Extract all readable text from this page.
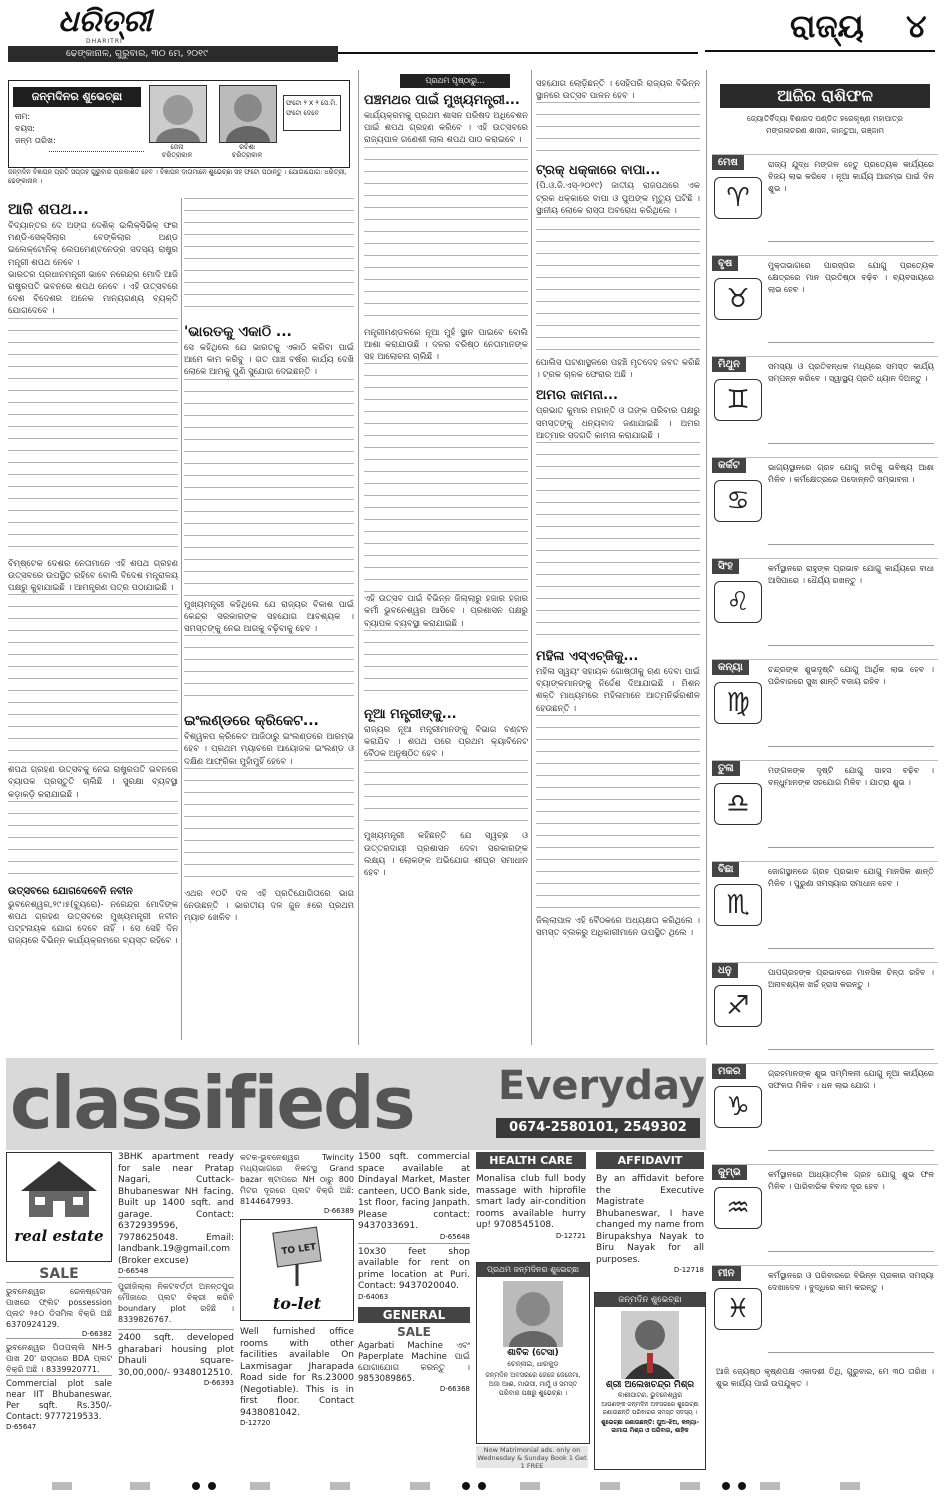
ଧରିତ୍ରୀ
DHARITRI
ଢେଙ୍କାନାଳ, ଗୁରୁବାର, ୩୦ ମେ, ୨୦୧୯
ରାଜ୍ୟ ୪
ଜନ୍ମଦିନର ଶୁଭେଚ୍ଛା
ନାମ:
ବୟସ:
ଜନ୍ମ ତାରିଖ:
ଜେନା
ଚରିତ୍ରାକାଳ
ରଚିଶା
ଚରିତ୍ରାକାଳ
ଫଟୋ ୨ X ୨ ସେ.ମି. ଫଟୋ ଦେବେ
ଜନ୍ମଦିନ ବିଜ୍ଞାପନ ପ୍ରତି ସପ୍ତାହ ଗୁରୁବାର ପ୍ରକାଶିତ ହେବ । ବିଜ୍ଞାପନ ଦାତାମାନେ ଶୁଭେଚ୍ଛା ସହ ଫଟୋ ପଠାନ୍ତୁ । ଯୋଗାଯୋଗ: ଧରିତ୍ରୀ, ଢେଙ୍କାନାଳ ।
ଆଜି ଶପଥ...

ବିଦ୍ୟାନ୍ତର ଦେ ଅଙ୍ଗ ଦେଶିକ୍ ଇଲିକ୍ସିଭିକ୍ ଫର ମଣ୍ଡି-ସେକ୍ସିଲାର ବେଙ୍କିଲାର ଅଣ୍ଡ ଇଲେକ୍ଟୋନିକ୍ ଲେପମେଣ୍ଟନେଡ୍ର ସଦସ୍ୟ ରାଷ୍ଟ୍ର ମନ୍ତ୍ରୀ ଶପଥ ନେବେ ।

ଭାରତର ପ୍ରଧାନମନ୍ତ୍ରୀ ଭାବେ ନରେନ୍ଦ୍ର ମୋଦି ଆଜି ରାଷ୍ଟ୍ରପତି ଭବନରେ ଶପଥ ନେବେ । ଏହି ଉତ୍ସବରେ ଦେଶ ବିଦେଶର ଅନେକ ମାନ୍ୟଗଣ୍ୟ ବ୍ୟକ୍ତି ଯୋଗଦେବେ ।

ବିମ୍ଷ୍ଟେକ ଦେଶର ନେତାମାନେ ଏହି ଶପଥ ଗ୍ରହଣ ଉତ୍ସବରେ ଉପସ୍ଥିତ ରହିବେ ବୋଲି ବିଦେଶ ମନ୍ତ୍ରାଳୟ ପକ୍ଷରୁ କୁହାଯାଇଛି । ଆମନ୍ତ୍ରଣ ପତ୍ର ପଠାଯାଇଛି ।

ଶପଥ ଗ୍ରହଣ ଉତ୍ସବକୁ ନେଇ ରାଷ୍ଟ୍ରପତି ଭବନରେ ବ୍ୟାପକ ପ୍ରସ୍ତୁତି ଚାଲିଛି । ସୁରକ୍ଷା ବ୍ୟବସ୍ଥା କଡ଼ାକଡ଼ି କରାଯାଇଛି ।

ଉତ୍ସବରେ ଯୋଗଦେବେନି ନବୀନ

ଭୁବନେଶ୍ୱର,୨୯।୫(ବ୍ୟୁରୋ)- ନରେନ୍ଦ୍ର ମୋଦିଙ୍କ ଶପଥ ଗ୍ରହଣ ଉତ୍ସବରେ ମୁଖ୍ୟମନ୍ତ୍ରୀ ନବୀନ ପଟ୍ଟନାୟକ ଯୋଗ ଦେବେ ନାହିଁ । ସେ ସେହି ଦିନ ରାଜ୍ୟରେ ବିଭିନ୍ନ କାର୍ଯ୍ୟକ୍ରମରେ ବ୍ୟସ୍ତ ରହିବେ ।

'ଭାରତକୁ ଏକାଠି ...

ସେ କହିଥିଲେ ଯେ ଭାରତକୁ ଏକାଠି କରିବା ପାଇଁ ଆମେ କାମ କରିବୁ । ଗତ ପାଞ୍ଚ ବର୍ଷର କାର୍ଯ୍ୟ ଦେଖି ଲୋକେ ଆମକୁ ପୁଣି ସୁଯୋଗ ଦେଇଛନ୍ତି ।

ମୁଖ୍ୟମନ୍ତ୍ରୀ କହିଥିଲେ ଯେ ରାଜ୍ୟର ବିକାଶ ପାଇଁ କେନ୍ଦ୍ର ସରକାରଙ୍କ ସହଯୋଗ ଆବଶ୍ୟକ । ସମସ୍ତଙ୍କୁ ନେଇ ଆଗକୁ ବଢ଼ିବାକୁ ହେବ ।

ଇଂଲଣ୍ଡରେ କ୍ରିକେଟ...

ବିଶ୍ୱକପ କ୍ରିକେଟ ଆଜିଠାରୁ ଇଂଲଣ୍ଡରେ ଆରମ୍ଭ ହେବ । ପ୍ରଥମ ମ୍ୟାଚରେ ଆୟୋଜକ ଇଂଲଣ୍ଡ ଓ ଦକ୍ଷିଣ ଆଫ୍ରିକା ମୁହାଁମୁହିଁ ହେବେ ।

ଏଥର ୧୦ଟି ଦଳ ଏହି ପ୍ରତିଯୋଗିତାରେ ଭାଗ ନେଉଛନ୍ତି । ଭାରତୀୟ ଦଳ ଜୁନ ୫ରେ ପ୍ରଥମ ମ୍ୟାଚ ଖେଳିବ ।

ପ୍ରଥମ ପୃଷ୍ଠାରୁ...
ପଞ୍ଚମଥର ପାଇଁ ମୁଖ୍ୟମନ୍ତ୍ରୀ...

କାର୍ଯ୍ୟକ୍ରମକୁ ପ୍ରଥମ ଶାସନ ପରିଷଦ ଅଧିବେଶନ ପାଇଁ ଶପଥ ଗ୍ରହଣ କରିବେ । ଏହି ଉତ୍ସବରେ ରାଜ୍ୟପାଳ ଗଣେଶୀ ଲାଲ ଶପଥ ପାଠ କରାଇବେ ।

ମନ୍ତ୍ରୀମଣ୍ଡଳରେ ନୂଆ ମୁହଁ ସ୍ଥାନ ପାଇବେ ବୋଲି ଆଶା କରାଯାଉଛି । ଦଳର ବରିଷ୍ଠ ନେତାମାନଙ୍କ ସହ ଆଲୋଚନା ଚାଲିଛି ।

ଏହି ଉତ୍ସବ ପାଇଁ ବିଭିନ୍ନ ଜିଲ୍ଲାରୁ ହଜାର ହଜାର କର୍ମୀ ଭୁବନେଶ୍ୱର ଆସିବେ । ପ୍ରଶାସନ ପକ୍ଷରୁ ବ୍ୟାପକ ବ୍ୟବସ୍ଥା କରାଯାଇଛି ।

ନୂଆ ମନ୍ତ୍ରୀଙ୍କୁ...

ରାଜ୍ୟର ନୂଆ ମନ୍ତ୍ରୀମାନଙ୍କୁ ବିଭାଗ ବଣ୍ଟନ କରାଯିବ । ଶପଥ ପରେ ପ୍ରଥମ କ୍ୟାବିନେଟ ବୈଠକ ଅନୁଷ୍ଠିତ ହେବ ।

ମୁଖ୍ୟମନ୍ତ୍ରୀ କହିଛନ୍ତି ଯେ ସ୍ୱଚ୍ଛ ଓ ଉତ୍ତରଦାୟୀ ପ୍ରଶାସନ ଦେବା ସରକାରଙ୍କ ଲକ୍ଷ୍ୟ । ଲୋକଙ୍କ ଅଭିଯୋଗ ଶୀଘ୍ର ସମାଧାନ ହେବ ।

ସହଯୋଗ ଲୋଡ଼ିଛନ୍ତି । ସେହିପରି ରାଜ୍ୟର ବିଭିନ୍ନ ସ୍ଥାନରେ ଉତ୍ସବ ପାଳନ ହେବ ।

ଟ୍ରକ୍ ଧକ୍କାରେ ବାପା...

(ପି.ଓ.ଜି.ଏସ୍-୨୦୧୯) ଜାତୀୟ ରାଜପଥରେ ଏକ ଟ୍ରକ ଧକ୍କାରେ ବାପା ଓ ପୁଅଙ୍କ ମୃତ୍ୟୁ ଘଟିଛି । ସ୍ଥାନୀୟ ଲୋକେ ରାସ୍ତା ଅବରୋଧ କରିଥିଲେ ।

ପୋଲିସ ଘଟଣାସ୍ଥଳରେ ପହଞ୍ଚି ମୃତଦେହ ଜବତ କରିଛି । ଟ୍ରକ ଚାଳକ ଫେରାର ଅଛି ।

ଅମର କାମନା...

ପ୍ରଭାତ କୁମାର ମହାନ୍ତି ଓ ତାଙ୍କ ପରିବାର ପକ୍ଷରୁ ସମସ୍ତଙ୍କୁ ଧନ୍ୟବାଦ ଜଣାଯାଇଛି । ଅମର ଆତ୍ମାର ସଦଗତି କାମନା କରାଯାଇଛି ।

ମହିଳା ଏସ୍‌ଏଚ୍‌ଜିକୁ...

ମହିଳା ସ୍ୱୟଂ ସହାୟକ ଗୋଷ୍ଠୀକୁ ଋଣ ଦେବା ପାଇଁ ବ୍ୟାଙ୍କମାନଙ୍କୁ ନିର୍ଦ୍ଦେଶ ଦିଆଯାଇଛି । ମିଶନ ଶକ୍ତି ମାଧ୍ୟମରେ ମହିଳାମାନେ ଆତ୍ମନିର୍ଭରଶୀଳ ହେଉଛନ୍ତି ।

ଜିଲ୍ଲାପାଳ ଏହି ବୈଠକରେ ଅଧ୍ୟକ୍ଷତା କରିଥିଲେ । ସମସ୍ତ ବ୍ଲକରୁ ଅଧିକାରୀମାନେ ଉପସ୍ଥିତ ଥିଲେ ।

ଆଜିର ରାଶିଫଳ
ଜ୍ୟୋତିର୍ବିଦ୍ୟା ବିଶାରଦ ପଣ୍ଡିତ ହରେକୃଷ୍ଣ ମହାପାତ୍ର
ମଙ୍ଗଳାଚରଣ ଶାସନ, କାନ୍ତୁଆ, ଗଞ୍ଜାମ
ମେଷ
♈
ରାଜ୍ୟ ଯୁଦ୍ଧ ମଙ୍ଗଳ ହେତୁ ପ୍ରତ୍ୟେକ କାର୍ଯ୍ୟରେ ବିଜୟ ଲାଭ କରିବେ । ନୂଆ କାର୍ଯ୍ୟ ଆରମ୍ଭ ପାଇଁ ଦିନ ଶୁଭ ।
ବୃଷ
♉
ମୁକ୍ତାଭାଗରେ ପାରସ୍ପର ଯୋଗୁ ପ୍ରତ୍ୟେକ କ୍ଷେତ୍ରରେ ମାନ ପ୍ରତିଷ୍ଠା ବଢ଼ିବ । ବ୍ୟବସାୟରେ ଲାଭ ହେବ ।
ମିଥୁନ
♊
ସମସ୍ୟା ଓ ପ୍ରତିବନ୍ଧକ ମଧ୍ୟରେ ସମସ୍ତ କାର୍ଯ୍ୟ ସମ୍ପନ୍ନ କରିବେ । ସ୍ୱାସ୍ଥ୍ୟ ପ୍ରତି ଧ୍ୟାନ ଦିଅନ୍ତୁ ।
କର୍କଟ
♋
ଭାଗ୍ୟସ୍ଥାନରେ ଗ୍ରହ ଯୋଗୁ ହାତିକୁ ଭବିଷ୍ୟ ଆଶା ମିଳିବ । କର୍ମକ୍ଷେତ୍ରରେ ପଦୋନ୍ନତି ସମ୍ଭାବନା ।
ସିଂହ
♌
କର୍ମସ୍ଥାନରେ ରାହୁଙ୍କ ପ୍ରଭାବ ଯୋଗୁ କାର୍ଯ୍ୟରେ ବାଧା ଆସିପାରେ । ଧୈର୍ଯ୍ୟ ରଖନ୍ତୁ ।
କନ୍ୟା
♍
ଚନ୍ଦ୍ରଙ୍କ ଶୁଭଦୃଷ୍ଟି ଯୋଗୁ ଆର୍ଥିକ ଲାଭ ହେବ । ପରିବାରରେ ସୁଖ ଶାନ୍ତି ବଜାୟ ରହିବ ।
ତୁଳା
♎
ମଙ୍ଗଳଙ୍କ ଦୃଷ୍ଟି ଯୋଗୁ ସାହସ ବଢ଼ିବ । ବନ୍ଧୁମାନଙ୍କ ସହଯୋଗ ମିଳିବ । ଯାତ୍ରା ଶୁଭ ।
ବିଛା
♏
ଜୋଗସ୍ଥାନରେ ଗ୍ରହ ପ୍ରଭାବ ଯୋଗୁ ମାନସିକ ଶାନ୍ତି ମିଳିବ । ପୁରୁଣା ସମସ୍ୟାର ସମାଧାନ ହେବ ।
ଧନୁ
♐
ପାପଗ୍ରହଙ୍କ ପ୍ରଭାବରେ ମାନସିକ ଚିନ୍ତା ରହିବ । ଅନାବଶ୍ୟକ ଖର୍ଚ୍ଚ ହ୍ରାସ କରନ୍ତୁ ।
ମକର
♑
ଗ୍ରହମାନଙ୍କ ଶୁଭ ସମ୍ମିଳନୀ ଯୋଗୁ ନୂଆ କାର୍ଯ୍ୟରେ ସଫଳତା ମିଳିବ । ଧନ ଲାଭ ଯୋଗ ।
କୁମ୍ଭ
♒
କର୍ମସ୍ଥାନରେ ଆଧ୍ୟାତ୍ମିକ ଗ୍ରହ ଯୋଗୁ ଶୁଭ ଫଳ ମିଳିବ । ପାରିବାରିକ ବିବାଦ ଦୂର ହେବ ।
ମୀନ
♓
କର୍ମସ୍ଥାନରେ ଓ ପରିବାରରେ ବିଭିନ୍ନ ପ୍ରକାର ସମସ୍ୟା ଦେଖାଦେବ । ବୁଦ୍ଧିରେ କାମ କରନ୍ତୁ ।
ଆଜି ଜ୍ୟେଷ୍ଠ କୃଷ୍ଣପକ୍ଷ ଏକାଦଶୀ ତିଥି, ଗୁରୁବାର, ମେ ୩୦ ତାରିଖ । ଶୁଭ କାର୍ଯ୍ୟ ପାଇଁ ଉପଯୁକ୍ତ ।
classifieds Everyday
0674-2580101, 2549302
real estate
SALE
ଭୁବନେଶ୍ୱର ରେଳଷ୍ଟେସନ ପାଖରେ ଫ୍ଲିଟ possession ପ୍ଲଟ ୨୫୦ ଡିସମିଲ ବିକ୍ରି ଅଛି 6370924129.
D-66382
ଭୁବନେଶ୍ୱର ପିତାପଲ୍ଲି NH-5 ପାଖ 20' ରାସ୍ତାରେ BDA ପ୍ଲଟ ବିକ୍ରି ଅଛି । 8339920771.
Commercial plot sale near IIT Bhubaneswar. Per sqft. Rs.350/- Contact: 9777219533.
D-65647
3BHK apartment ready for sale near Pratap Nagari, Cuttack-Bhubaneswar NH facing. Built up 1400 sqft. and garage. Contact: 6372939596, 7978625048. Email: landbank.19@gmail.com (Broker excuse)
D-66548
ପୁରୀଜିଲ୍ଲା ନିକଟବର୍ତ୍ତୀ ଅନନ୍ତପୁର ମୌଜାରେ ପ୍ଲଟ ବିକ୍ରୀ କରିବି boundary plot ରହିଛି । 8339826767.
2400 sqft. developed gharabari housing plot Dhauli square-30,00,000/- 9348012510.
D-66393
କଟକ-ଭୁବନେଶ୍ୱର Twincity ମଧ୍ୟଭାଗରେ ନିକଟସ୍ଥ Grand bazar ଷ୍ଟାପରେ NH ଠାରୁ 800 ମିଟର ଦୂରରେ ପ୍ଲଟ ବିକ୍ରି ଅଛି: 8144647993.
D-66389
TO LET
to-let
Well furnished office rooms with other facilities available On Laxmisagar Jharapada Road side for Rs.23000 (Negotiable). This is in first floor. Contact 9438081042.
D-12720
1500 sqft. commercial space available at Dindayal Market, Master canteen, UCO Bank side, 1st floor, facing Janpath. Please contact: 9437033691.
D-65648
10x30 feet shop available for rent on prime location at Puri. Contact: 9437020040.
D-64063
GENERAL
SALE
Agarbati Machine ଏବଂ Paperplate Machine ପାଇଁ ଯୋଗାଯୋଗ କରନ୍ତୁ । 9853089865.
D-66368
HEALTH CARE
Monalisa club full body massage with hiprofile smart lady air-condition rooms available hurry up! 9708545108.
D-12721
AFFIDAVIT
By an affidavit before the Executive Magistrate Bhubaneswar, I have changed my name from Birupakshya Nayak to Biru Nayak for all purposes.
D-12718
ପ୍ରଥମ ଜନ୍ମଦିନର ଶୁଭେଚ୍ଛା
ଶାବିକ (ଟେସା)
ଚେନ୍ନାଇ, ଧାରକୁଡ଼
ଜନ୍ମଦିନ ଅବସରରେ ଜେଜେ ଜେଜେମା, ଅଜା ଆଈ, ମାଉସୀ, ମାମୁଁ ଓ ସମସ୍ତ ପରିବାର ପକ୍ଷରୁ ଶୁଭେଚ୍ଛା ।
Now Matrimonial ads. only on Wednesday & Sunday Book 1 Get 1 FREE
ଜନ୍ମଦିନ ଶୁଭେଚ୍ଛା
ଶ୍ରୀ ଅଲେଖଚନ୍ଦ୍ର ମିଶ୍ର
କାଶୀପାଟଣ, ଭୁବନେଶ୍ୱର
ଆପଣଙ୍କ ଜନ୍ମଦିନ ଅବସରରେ ଶୁଭେଚ୍ଛା ଜଣାଉଛନ୍ତି ପରିବାରର ସମସ୍ତ ସଦସ୍ୟ ।
ଶୁଭେଚ୍ଛା ଜଣାଉଛନ୍ତି: ପୁଅ-ଝିଅ, କନ୍ୟା-ଜାମାତା ମିଶ୍ର ଓ ପରିବାର, ଶାହିକ
